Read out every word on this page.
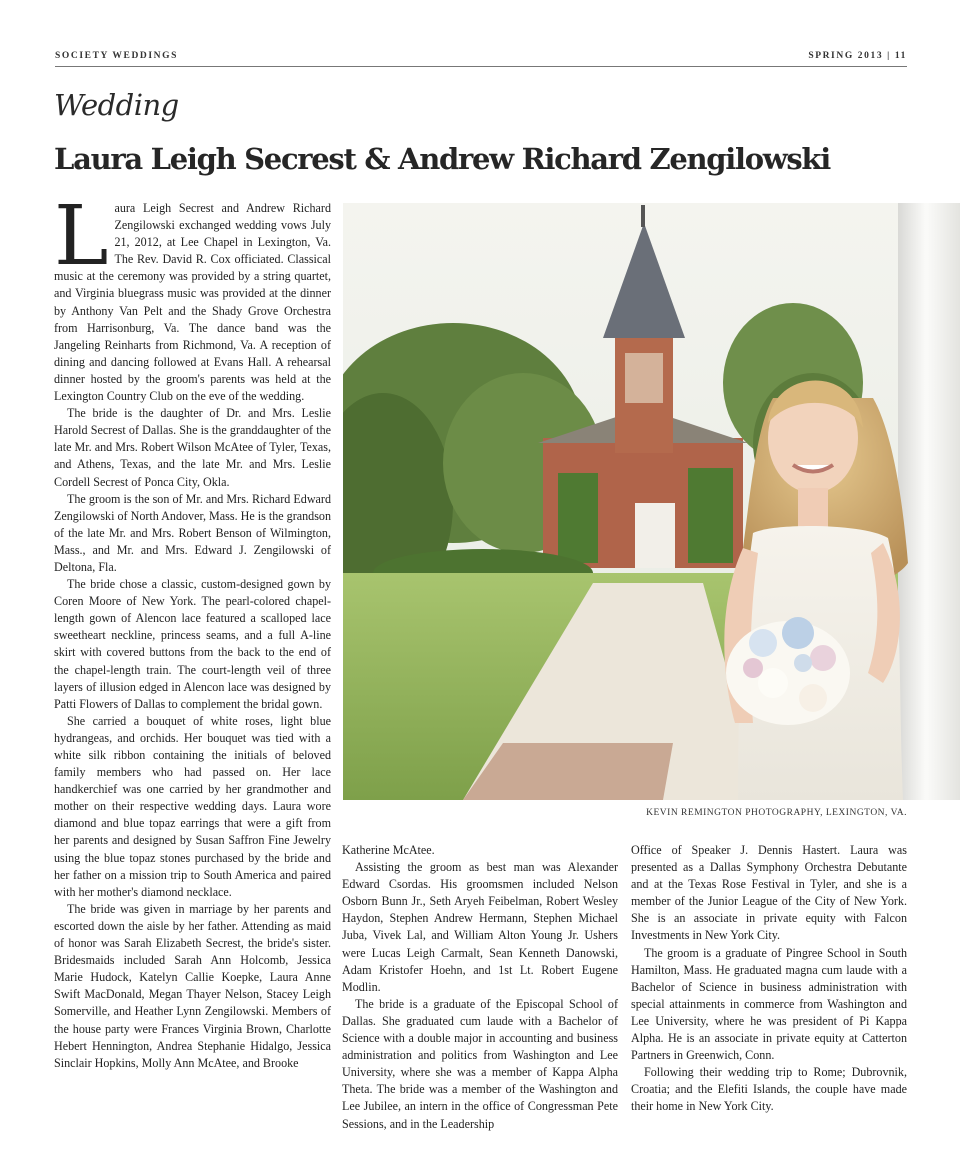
SOCIETY WEDDINGS	SPRING 2013 | 11
Wedding
Laura Leigh Secrest & Andrew Richard Zengilowski
L aura Leigh Secrest and Andrew Richard Zengilowski exchanged wedding vows July 21, 2012, at Lee Chapel in Lexington, Va. The Rev. David R. Cox officiated. Classical music at the ceremony was provided by a string quartet, and Virginia bluegrass music was provided at the dinner by Anthony Van Pelt and the Shady Grove Orchestra from Harrisonburg, Va. The dance band was the Jangeling Reinharts from Richmond, Va. A reception of dining and dancing followed at Evans Hall. A rehearsal dinner hosted by the groom's parents was held at the Lexington Country Club on the eve of the wedding.

The bride is the daughter of Dr. and Mrs. Leslie Harold Secrest of Dallas. She is the granddaughter of the late Mr. and Mrs. Robert Wilson McAtee of Tyler, Texas, and Athens, Texas, and the late Mr. and Mrs. Leslie Cordell Secrest of Ponca City, Okla.

The groom is the son of Mr. and Mrs. Richard Edward Zengilowski of North Andover, Mass. He is the grandson of the late Mr. and Mrs. Robert Benson of Wilmington, Mass., and Mr. and Mrs. Edward J. Zengilowski of Deltona, Fla.

The bride chose a classic, custom-designed gown by Coren Moore of New York. The pearl-colored chapel-length gown of Alencon lace featured a scalloped lace sweetheart neckline, princess seams, and a full A-line skirt with covered buttons from the back to the end of the chapel-length train. The court-length veil of three layers of illusion edged in Alencon lace was designed by Patti Flowers of Dallas to complement the bridal gown.

She carried a bouquet of white roses, light blue hydrangeas, and orchids. Her bouquet was tied with a white silk ribbon containing the initials of beloved family members who had passed on. Her lace handkerchief was one carried by her grandmother and mother on their respective wedding days. Laura wore diamond and blue topaz earrings that were a gift from her parents and designed by Susan Saffron Fine Jewelry using the blue topaz stones purchased by the bride and her father on a mission trip to South America and paired with her mother's diamond necklace.

The bride was given in marriage by her parents and escorted down the aisle by her father. Attending as maid of honor was Sarah Elizabeth Secrest, the bride's sister. Bridesmaids included Sarah Ann Holcomb, Jessica Marie Hudock, Katelyn Callie Koepke, Laura Anne Swift MacDonald, Megan Thayer Nelson, Stacey Leigh Somerville, and Heather Lynn Zengilowski. Members of the house party were Frances Virginia Brown, Charlotte Hebert Hennington, Andrea Stephanie Hidalgo, Jessica Sinclair Hopkins, Molly Ann McAtee, and Brooke

KEVIN REMINGTON PHOTOGRAPHY, LEXINGTON, VA.

Katherine McAtee.

Assisting the groom as best man was Alexander Edward Csordas. His groomsmen included Nelson Osborn Bunn Jr., Seth Aryeh Feibelman, Robert Wesley Haydon, Stephen Andrew Hermann, Stephen Michael Juba, Vivek Lal, and William Alton Young Jr. Ushers were Lucas Leigh Carmalt, Sean Kenneth Danowski, Adam Kristofer Hoehn, and 1st Lt. Robert Eugene Modlin.

The bride is a graduate of the Episcopal School of Dallas. She graduated cum laude with a Bachelor of Science with a double major in accounting and business administration and politics from Washington and Lee University, where she was a member of Kappa Alpha Theta. The bride was a member of the Washington and Lee Jubilee, an intern in the office of Congressman Pete Sessions, and in the Leadership

Office of Speaker J. Dennis Hastert. Laura was presented as a Dallas Symphony Orchestra Debutante and at the Texas Rose Festival in Tyler, and she is a member of the Junior League of the City of New York. She is an associate in private equity with Falcon Investments in New York City.

The groom is a graduate of Pingree School in South Hamilton, Mass. He graduated magna cum laude with a Bachelor of Science in business administration with special attainments in commerce from Washington and Lee University, where he was president of Pi Kappa Alpha. He is an associate in private equity at Catterton Partners in Greenwich, Conn.

Following their wedding trip to Rome; Dubrovnik, Croatia; and the Elefiti Islands, the couple have made their home in New York City.
